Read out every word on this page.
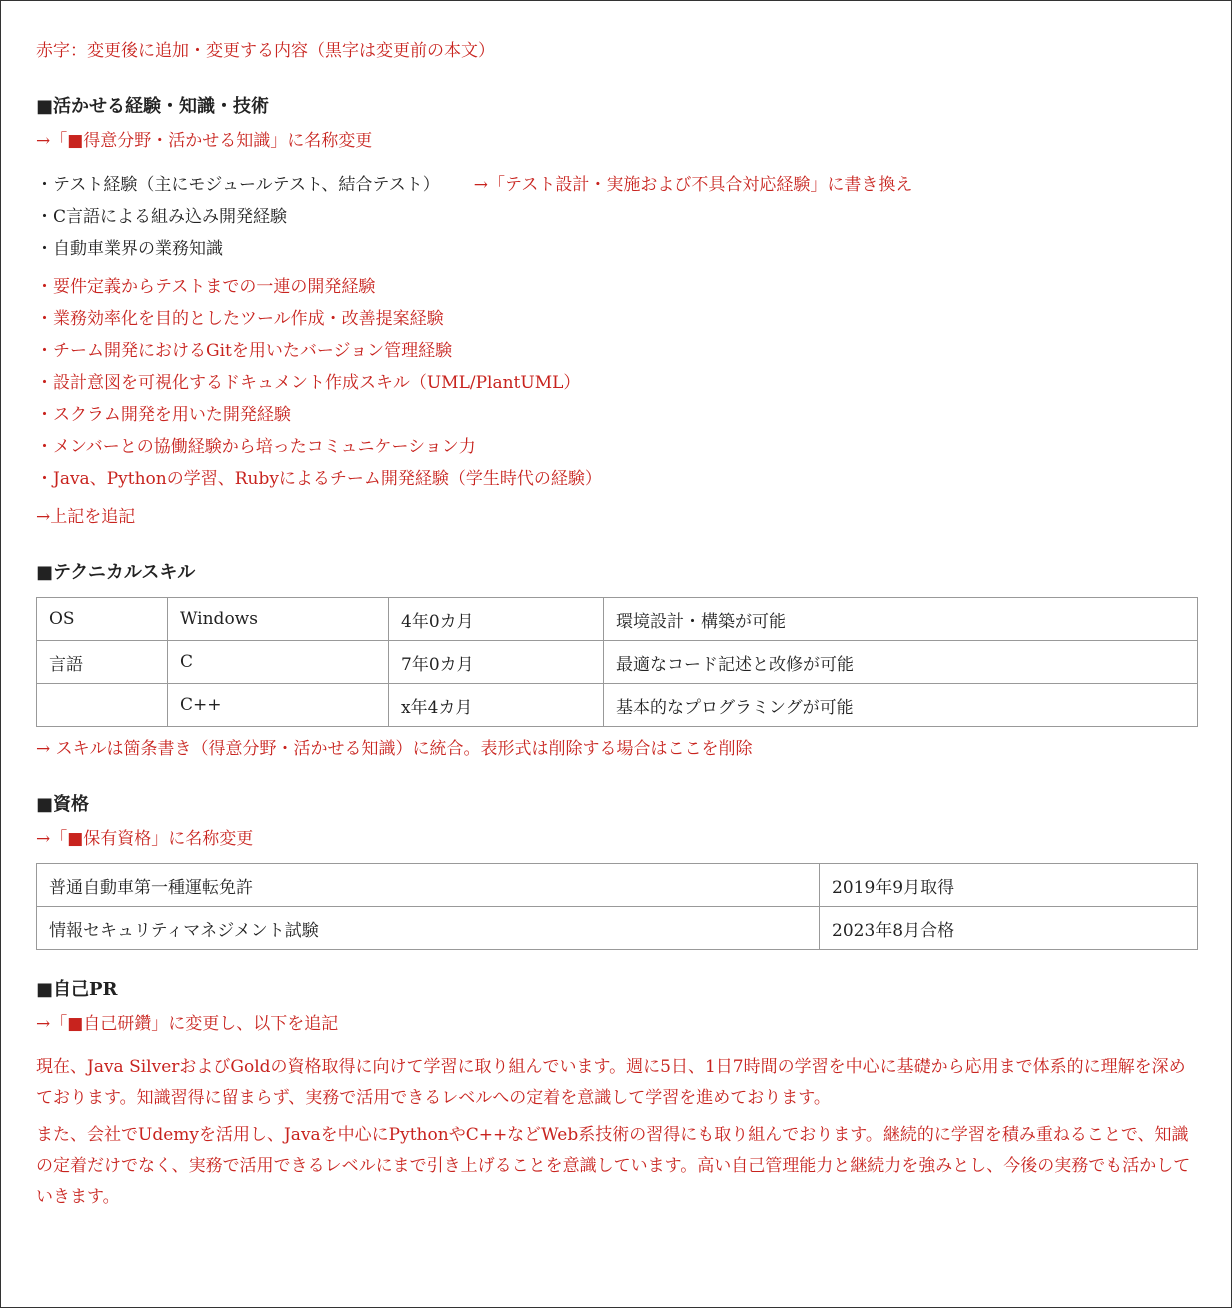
赤字：変更後に追加・変更する内容（黒字は変更前の本文）
■活かせる経験・知識・技術
→「■得意分野・活かせる知識」に名称変更
・テスト経験（主にモジュールテスト、結合テスト） →「テスト設計・実施および不具合対応経験」に書き換え
・C言語による組み込み開発経験
・自動車業界の業務知識
・要件定義からテストまでの一連の開発経験
・業務効率化を目的としたツール作成・改善提案経験
・チーム開発におけるGitを用いたバージョン管理経験
・設計意図を可視化するドキュメント作成スキル（UML/PlantUML）
・スクラム開発を用いた開発経験
・メンバーとの協働経験から培ったコミュニケーション力
・Java、Pythonの学習、Rubyによるチーム開発経験（学生時代の経験）
→上記を追記
■テクニカルスキル
OS	Windows	4年0カ月	環境設計・構築が可能
言語	C	7年0カ月	最適なコード記述と改修が可能
	C++	x年4カ月	基本的なプログラミングが可能
→ スキルは箇条書き（得意分野・活かせる知識）に統合。表形式は削除する場合はここを削除
■資格
→「■保有資格」に名称変更
普通自動車第一種運転免許	2019年9月取得
情報セキュリティマネジメント試験	2023年8月合格
■自己PR
→「■自己研鑽」に変更し、以下を追記
現在、Java SilverおよびGoldの資格取得に向けて学習に取り組んでいます。週に5日、1日7時間の学習を中心に基礎から応用まで体系的に理解を深めております。知識習得に留まらず、実務で活用できるレベルへの定着を意識して学習を進めております。
また、会社でUdemyを活用し、Javaを中心にPythonやC++などWeb系技術の習得にも取り組んでおります。継続的に学習を積み重ねることで、知識の定着だけでなく、実務で活用できるレベルにまで引き上げることを意識しています。高い自己管理能力と継続力を強みとし、今後の実務でも活かしていきます。
